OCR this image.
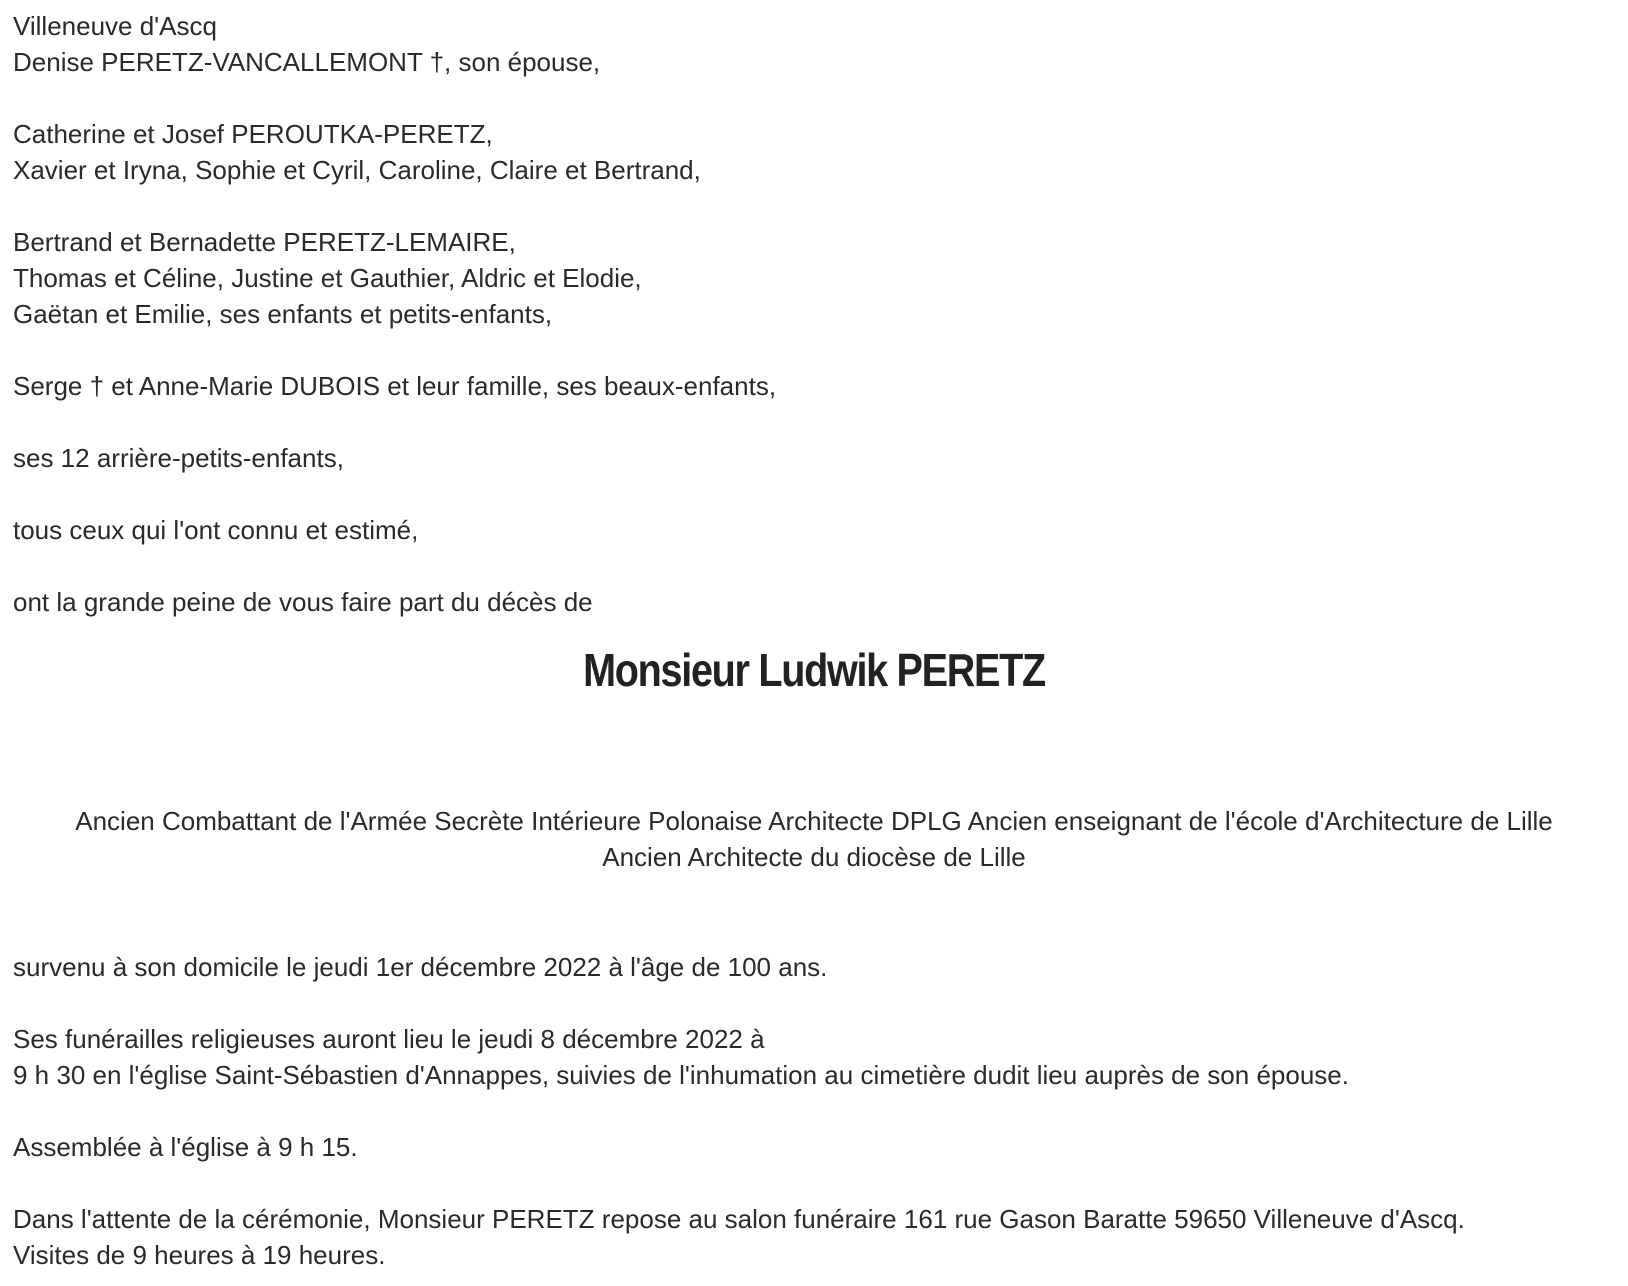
Villeneuve d'Ascq

Denise PERETZ-VANCALLEMONT †, son épouse,

Catherine et Josef PEROUTKA-PERETZ,

Xavier et Iryna, Sophie et Cyril, Caroline, Claire et Bertrand,

Bertrand et Bernadette PERETZ-LEMAIRE,

Thomas et Céline, Justine et Gauthier, Aldric et Elodie,

Gaëtan et Emilie, ses enfants et petits-enfants,

Serge † et Anne-Marie DUBOIS et leur famille, ses beaux-enfants,

ses 12 arrière-petits-enfants,

tous ceux qui l'ont connu et estimé,

ont la grande peine de vous faire part du décès de

Monsieur Ludwik PERETZ

Ancien Combattant de l'Armée Secrète Intérieure Polonaise Architecte DPLG Ancien enseignant de l'école d'Architecture de Lille

Ancien Architecte du diocèse de Lille

survenu à son domicile le jeudi 1er décembre 2022 à l'âge de 100 ans.

Ses funérailles religieuses auront lieu le jeudi 8 décembre 2022 à

9 h 30 en l'église Saint-Sébastien d'Annappes, suivies de l'inhumation au cimetière dudit lieu auprès de son épouse.

Assemblée à l'église à 9 h 15.

Dans l'attente de la cérémonie, Monsieur PERETZ repose au salon funéraire 161 rue Gason Baratte 59650 Villeneuve d'Ascq.

Visites de 9 heures à 19 heures.
